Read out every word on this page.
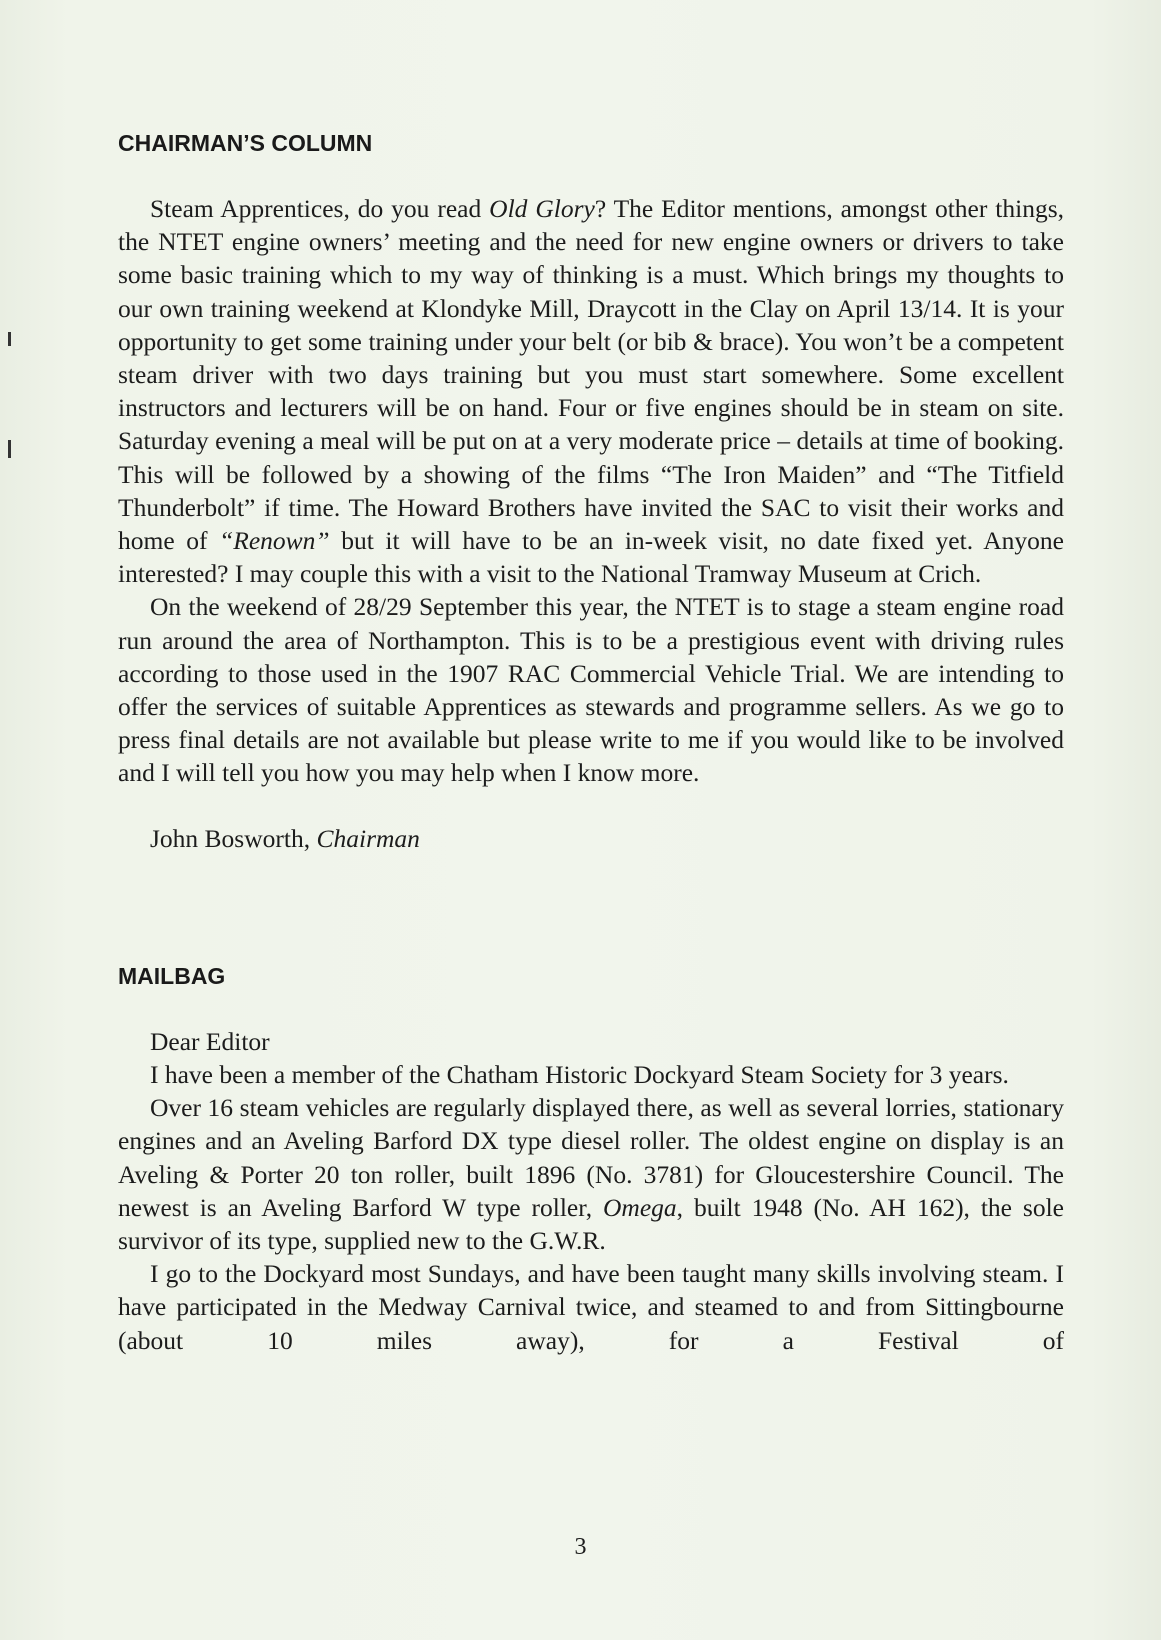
CHAIRMAN’S COLUMN

Steam Apprentices, do you read Old Glory? The Editor mentions, amongst other things, the NTET engine owners’ meeting and the need for new engine owners or drivers to take some basic training which to my way of thinking is a must. Which brings my thoughts to our own training weekend at Klondyke Mill, Draycott in the Clay on April 13/14. It is your opportunity to get some training under your belt (or bib & brace). You won’t be a competent steam driver with two days training but you must start somewhere. Some excellent instructors and lecturers will be on hand. Four or five engines should be in steam on site. Saturday evening a meal will be put on at a very moderate price – details at time of booking. This will be followed by a showing of the films “The Iron Maiden” and “The Titfield Thunderbolt” if time. The Howard Brothers have invited the SAC to visit their works and home of “Renown” but it will have to be an in-week visit, no date fixed yet. Anyone interested? I may couple this with a visit to the National Tramway Museum at Crich.

On the weekend of 28/29 September this year, the NTET is to stage a steam engine road run around the area of Northampton. This is to be a prestigious event with driving rules according to those used in the 1907 RAC Commercial Vehicle Trial. We are intending to offer the services of suitable Apprentices as stewards and programme sellers. As we go to press final details are not available but please write to me if you would like to be involved and I will tell you how you may help when I know more.

John Bosworth, Chairman

MAILBAG

Dear Editor

I have been a member of the Chatham Historic Dockyard Steam Society for 3 years.

Over 16 steam vehicles are regularly displayed there, as well as several lorries, stationary engines and an Aveling Barford DX type diesel roller. The oldest engine on display is an Aveling & Porter 20 ton roller, built 1896 (No. 3781) for Gloucestershire Council. The newest is an Aveling Barford W type roller, Omega, built 1948 (No. AH 162), the sole survivor of its type, supplied new to the G.W.R.

I go to the Dockyard most Sundays, and have been taught many skills involving steam. I have participated in the Medway Carnival twice, and steamed to and from Sittingbourne (about 10 miles away), for a Festival of

3
